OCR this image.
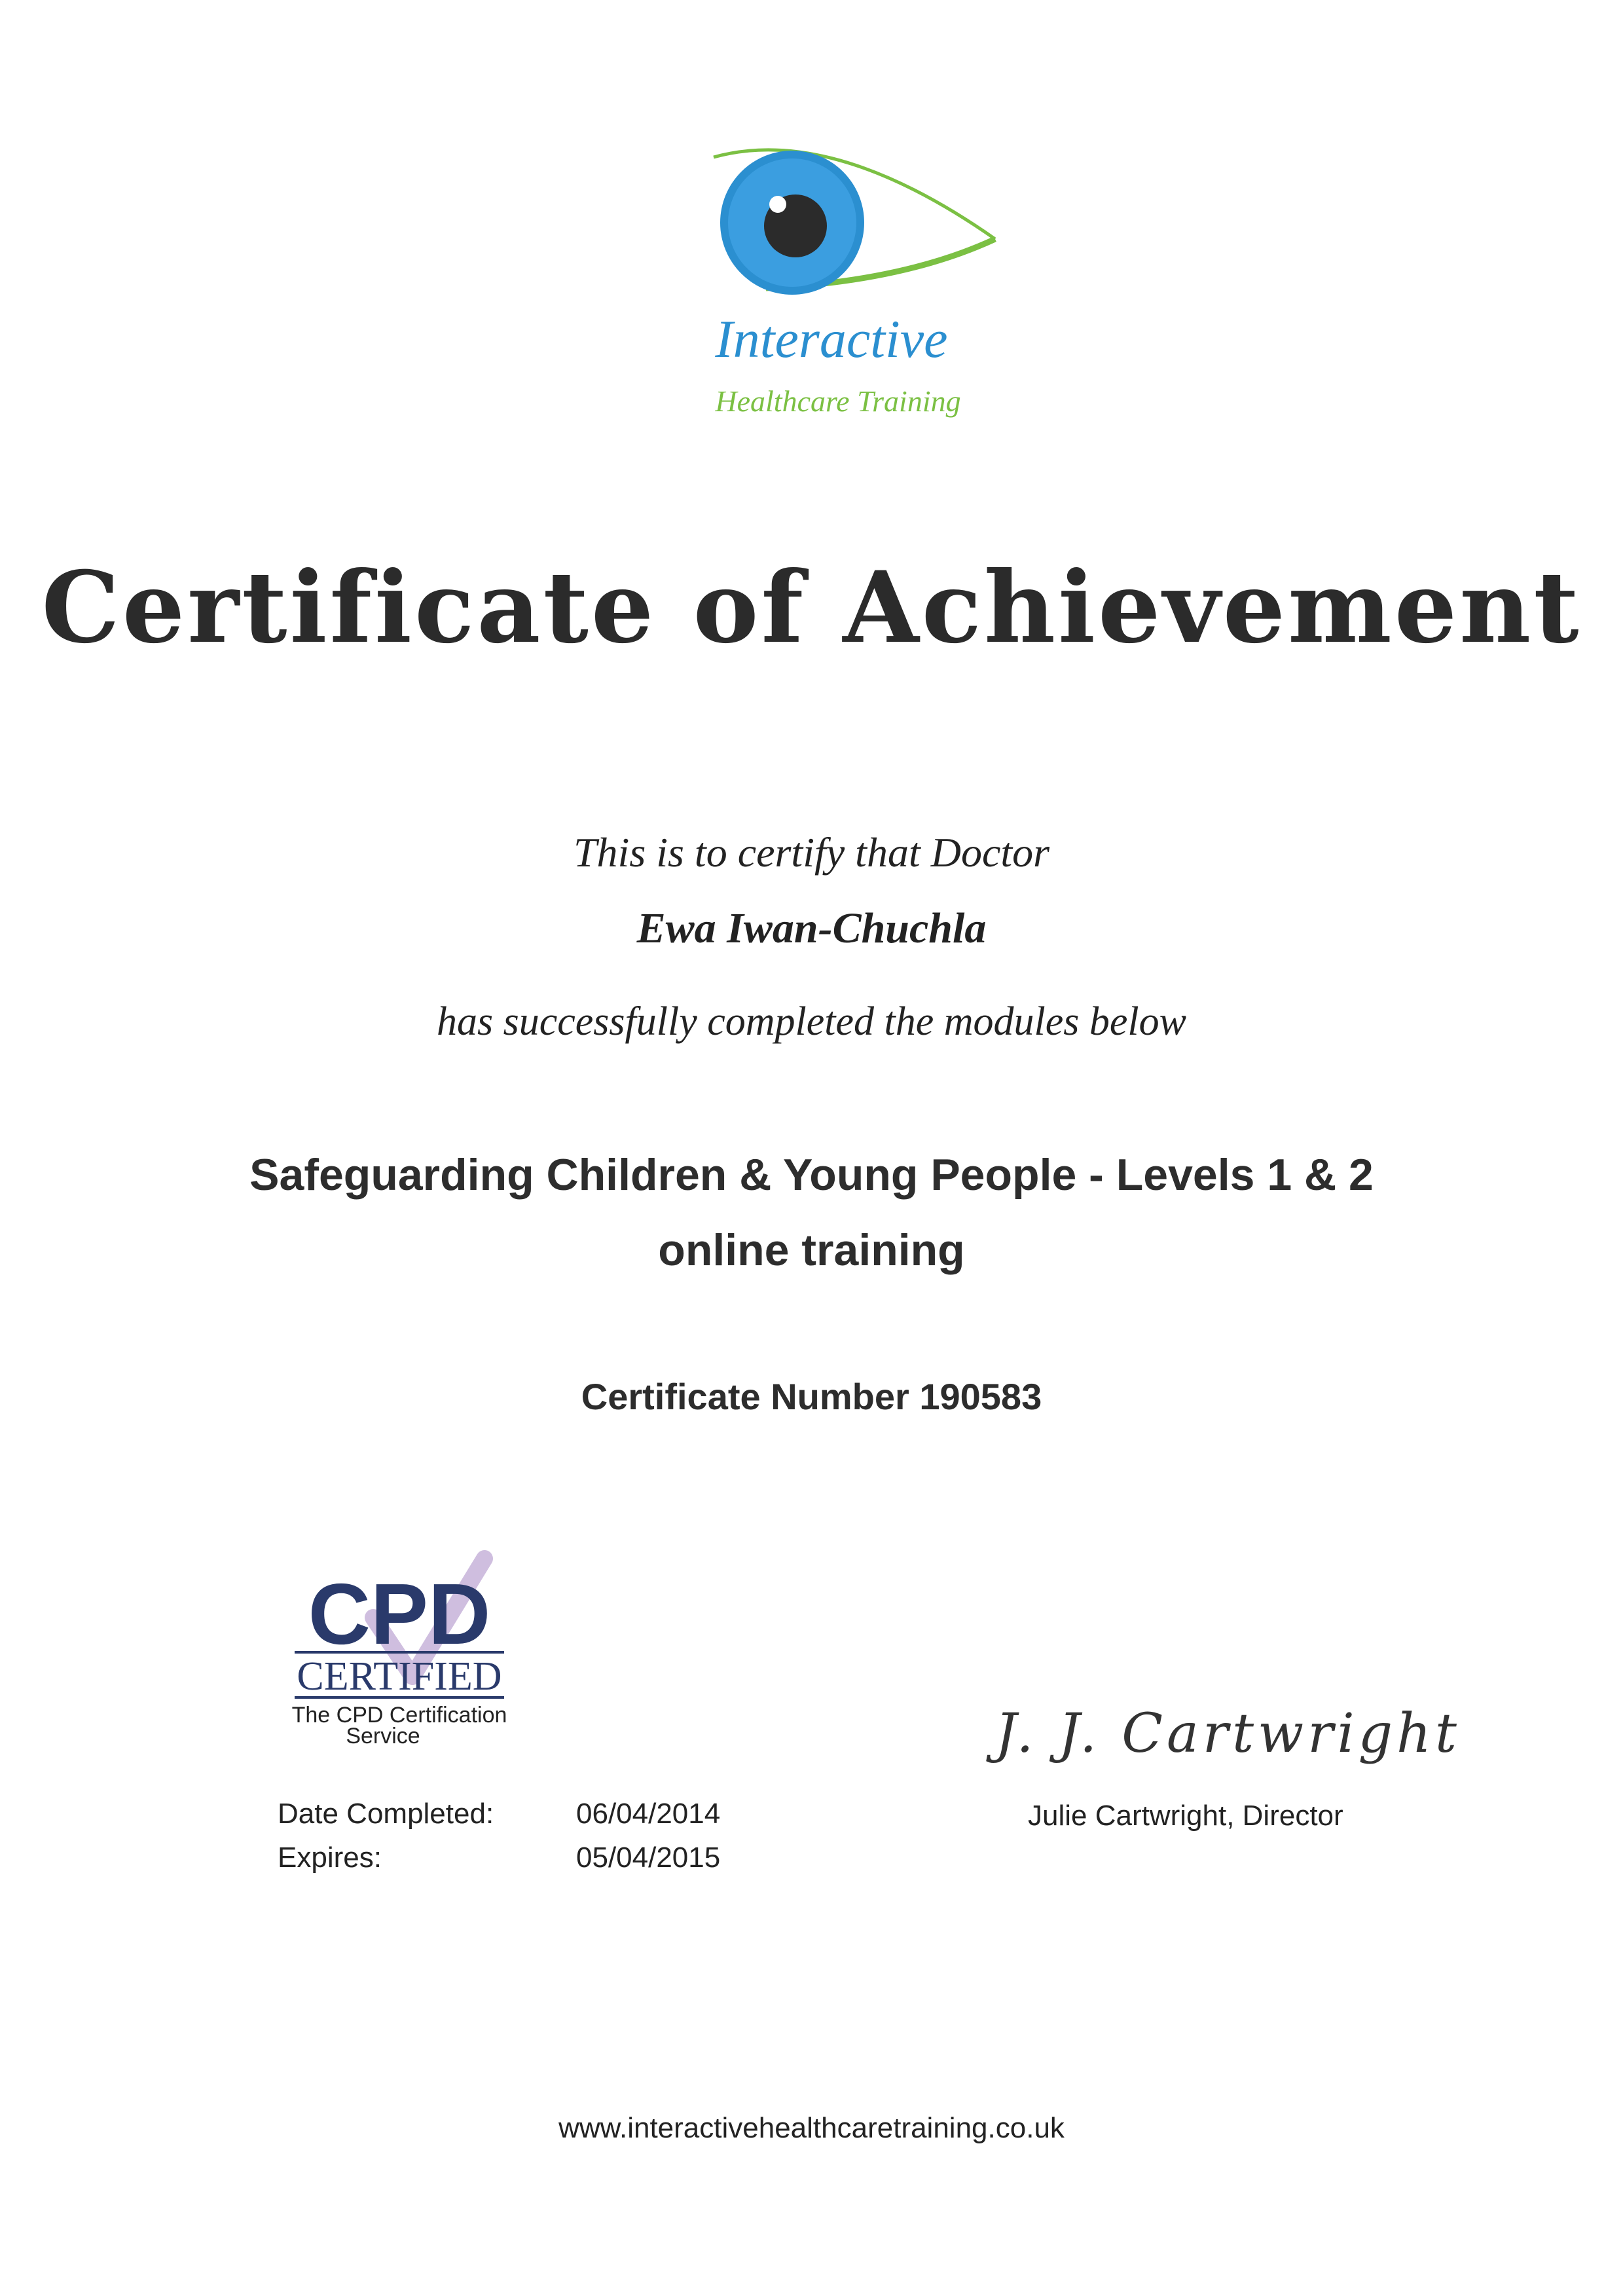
Interactive
Healthcare Training
Certificate of Achievement
This is to certify that Doctor
Ewa Iwan-Chuchla
has successfully completed the modules below
Safeguarding Children & Young People - Levels 1 & 2
online training
Certificate Number 190583
CPD
CERTIFIED
The CPD Certification
Service
Date Completed:	06/04/2014
Expires:	05/04/2015
J. J. Cartwright
Julie Cartwright, Director
www.interactivehealthcaretraining.co.uk
